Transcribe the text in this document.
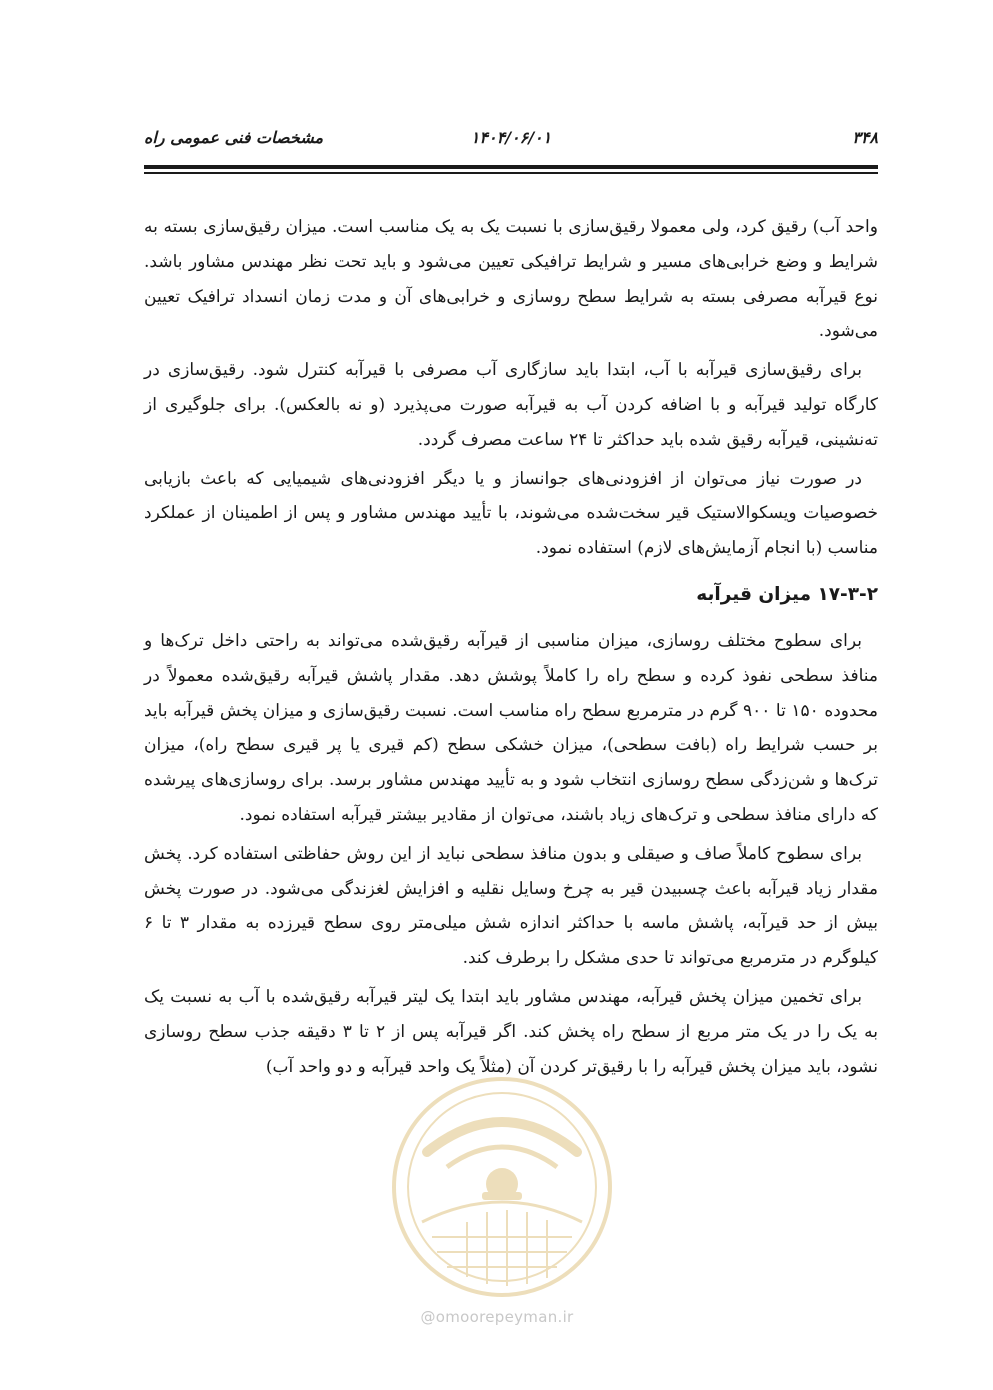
۳۴۸
۱۴۰۴/۰۶/۰۱
مشخصات فنی عمومی راه

واحد آب) رقیق کرد، ولی معمولا رقیق‌سازی با نسبت یک به یک مناسب است. میزان رقیق‌سازی بسته به شرایط و وضع خرابی‌های مسیر و شرایط ترافیکی تعیین می‌شود و باید تحت نظر مهندس مشاور باشد. نوع قیرآبه مصرفی بسته به شرایط سطح روسازی و خرابی‌های آن و مدت زمان انسداد ترافیک تعیین می‌شود.

برای رقیق‌سازی قیرآبه با آب، ابتدا باید سازگاری آب مصرفی با قیرآبه کنترل شود. رقیق‌سازی در کارگاه تولید قیرآبه و با اضافه کردن آب به قیرآبه صورت می‌پذیرد (و نه بالعکس). برای جلوگیری از ته‌نشینی، قیرآبه رقیق شده باید حداکثر تا ۲۴ ساعت مصرف گردد.

در صورت نیاز می‌توان از افزودنی‌های جوانساز و یا دیگر افزودنی‌های شیمیایی که باعث بازیابی خصوصیات ویسکوالاستیک قیر سخت‌شده می‌شوند، با تأیید مهندس مشاور و پس از اطمینان از عملکرد مناسب (با انجام آزمایش‌های لازم) استفاده نمود.

۱۷-۳-۲ میزان قیرآبه

برای سطوح مختلف روسازی، میزان مناسبی از قیرآبه رقیق‌شده می‌تواند به راحتی داخل ترک‌ها و منافذ سطحی نفوذ کرده و سطح راه را کاملاً پوشش دهد. مقدار پاشش قیرآبه رقیق‌شده معمولاً در محدوده ۱۵۰ تا ۹۰۰ گرم در مترمربع سطح راه مناسب است. نسبت رقیق‌سازی و میزان پخش قیرآبه باید بر حسب شرایط راه (بافت سطحی)، میزان خشکی سطح (کم قیری یا پر قیری سطح راه)، میزان ترک‌ها و شن‌زدگی سطح روسازی انتخاب شود و به تأیید مهندس مشاور برسد. برای روسازی‌های پیرشده که دارای منافذ سطحی و ترک‌های زیاد باشند، می‌توان از مقادیر بیشتر قیرآبه استفاده نمود.

برای سطوح کاملاً صاف و صیقلی و بدون منافذ سطحی نباید از این روش حفاظتی استفاده کرد. پخش مقدار زیاد قیرآبه باعث چسبیدن قیر به چرخ وسایل نقلیه و افزایش لغزندگی می‌شود. در صورت پخش بیش از حد قیرآبه، پاشش ماسه با حداکثر اندازه شش میلی‌متر روی سطح قیرزده به مقدار ۳ تا ۶ کیلوگرم در مترمربع می‌تواند تا حدی مشکل را برطرف کند.

برای تخمین میزان پخش قیرآبه، مهندس مشاور باید ابتدا یک لیتر قیرآبه رقیق‌شده با آب به نسبت یک به یک را در یک متر مربع از سطح راه پخش کند. اگر قیرآبه پس از ۲ تا ۳ دقیقه جذب سطح روسازی نشود، باید میزان پخش قیرآبه را با رقیق‌تر کردن آن (مثلاً یک واحد قیرآبه و دو واحد آب)

@omoorepeyman.ir
